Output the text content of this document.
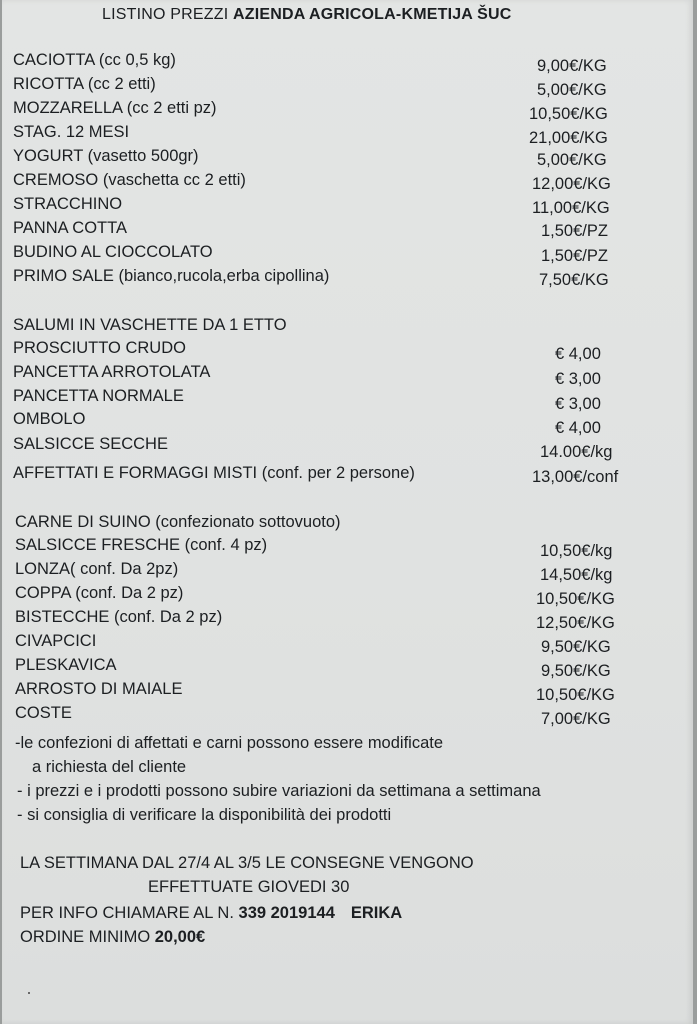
LISTINO PREZZI AZIENDA AGRICOLA-KMETIJA ŠUC
CACIOTTA (cc 0,5 kg)	9,00€/KG
RICOTTA (cc 2 etti)	5,00€/KG
MOZZARELLA (cc 2 etti pz)	10,50€/KG
STAG. 12 MESI	21,00€/KG
YOGURT (vasetto 500gr)	5,00€/KG
CREMOSO (vaschetta cc 2 etti)	12,00€/KG
STRACCHINO	11,00€/KG
PANNA COTTA	1,50€/PZ
BUDINO AL CIOCCOLATO	1,50€/PZ
PRIMO SALE (bianco,rucola,erba cipollina)	7,50€/KG
SALUMI IN VASCHETTE DA 1 ETTO
PROSCIUTTO CRUDO	€ 4,00
PANCETTA ARROTOLATA	€ 3,00
PANCETTA NORMALE	€ 3,00
OMBOLO	€ 4,00
SALSICCE SECCHE	14.00€/kg
AFFETTATI E FORMAGGI MISTI (conf. per 2 persone)	13,00€/conf
CARNE DI SUINO (confezionato sottovuoto)
SALSICCE FRESCHE (conf. 4 pz)	10,50€/kg
LONZA( conf. Da 2pz)	14,50€/kg
COPPA (conf. Da 2 pz)	10,50€/KG
BISTECCHE (conf. Da 2 pz)	12,50€/KG
CIVAPCICI	9,50€/KG
PLESKAVICA	9,50€/KG
ARROSTO DI MAIALE	10,50€/KG
COSTE	7,00€/KG
-le confezioni di affettati e carni possono essere modificate
a richiesta del cliente
- i prezzi e i prodotti possono subire variazioni da settimana a settimana
- si consiglia di verificare la disponibilità dei prodotti
LA SETTIMANA DAL 27/4 AL 3/5 LE CONSEGNE VENGONO
EFFETTUATE GIOVEDI 30
PER INFO CHIAMARE AL N. 339 2019144 ERIKA
ORDINE MINIMO 20,00€
